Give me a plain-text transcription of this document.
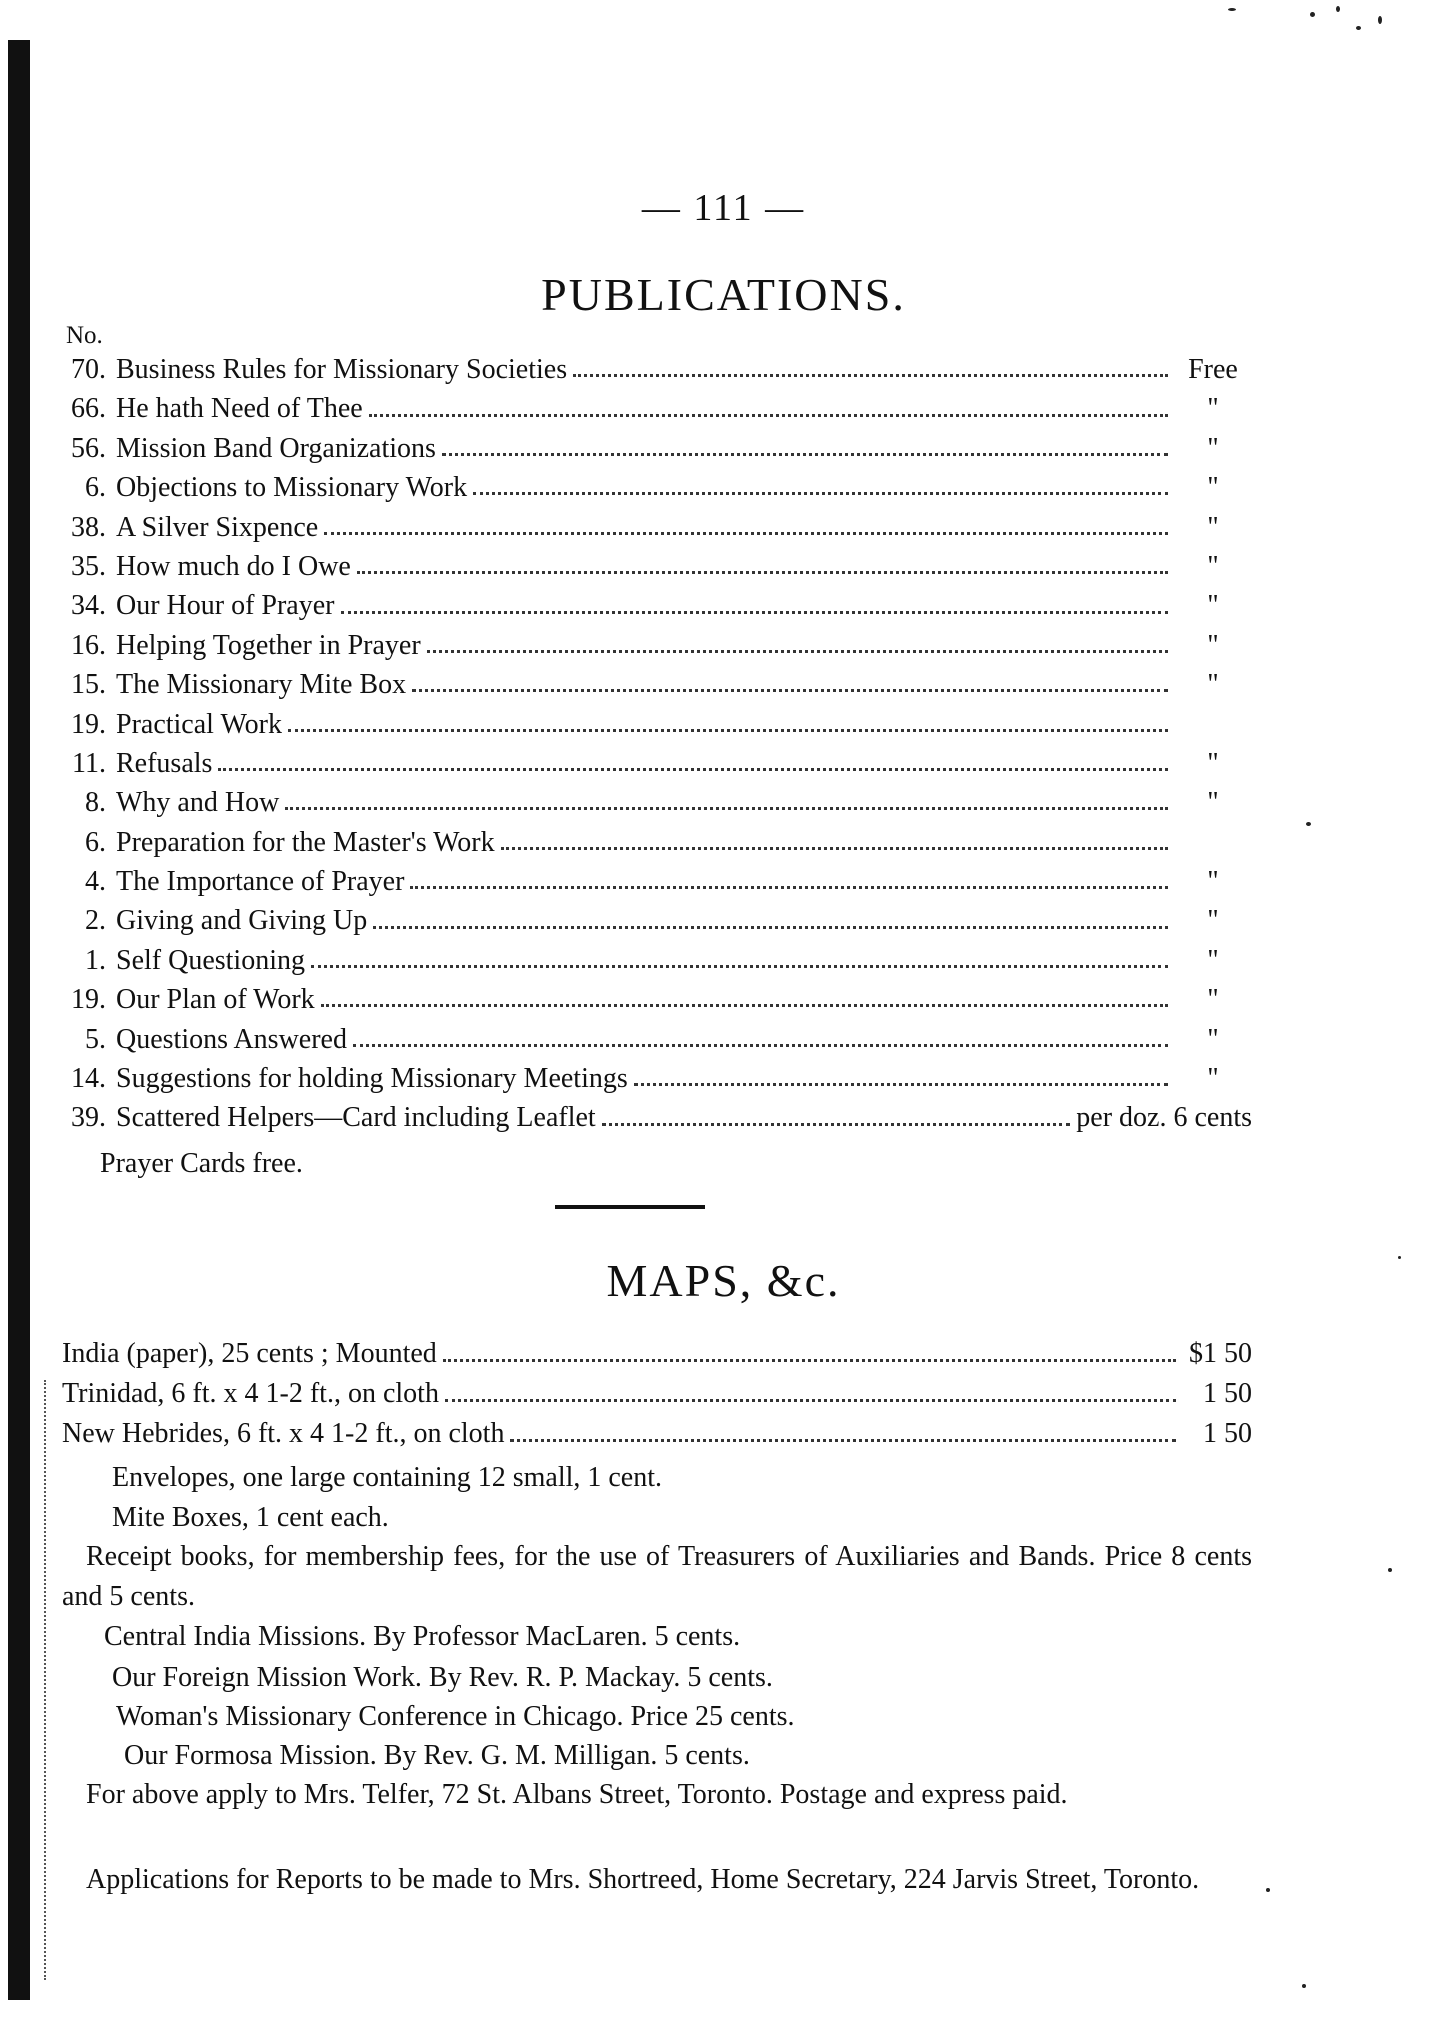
— 111 —
PUBLICATIONS.
No.
70. Business Rules for Missionary Societies	Free
66. He hath Need of Thee	"
56. Mission Band Organizations	"
6. Objections to Missionary Work	"
38. A Silver Sixpence	"
35. How much do I Owe	"
34. Our Hour of Prayer	"
16. Helping Together in Prayer	"
15. The Missionary Mite Box	"
19. Practical Work
11. Refusals	"
8. Why and How	"
6. Preparation for the Master's Work
4. The Importance of Prayer	"
2. Giving and Giving Up	"
1. Self Questioning	"
19. Our Plan of Work	"
5. Questions Answered	"
14. Suggestions for holding Missionary Meetings	"
39. Scattered Helpers—Card including Leaflet	per doz. 6 cents
Prayer Cards free.
MAPS, &c.
India (paper), 25 cents ; Mounted	$1 50
Trinidad, 6 ft. x 4 1-2 ft., on cloth	1 50
New Hebrides, 6 ft. x 4 1-2 ft., on cloth	1 50
Envelopes, one large containing 12 small, 1 cent.
Mite Boxes, 1 cent each.
Receipt books, for membership fees, for the use of Treasurers of Auxiliaries and Bands. Price 8 cents and 5 cents.
Central India Missions. By Professor MacLaren. 5 cents.
Our Foreign Mission Work. By Rev. R. P. Mackay. 5 cents.
Woman's Missionary Conference in Chicago. Price 25 cents.
Our Formosa Mission. By Rev. G. M. Milligan. 5 cents.
For above apply to Mrs. Telfer, 72 St. Albans Street, Toronto. Postage and express paid.
Applications for Reports to be made to Mrs. Shortreed, Home Secretary, 224 Jarvis Street, Toronto.
